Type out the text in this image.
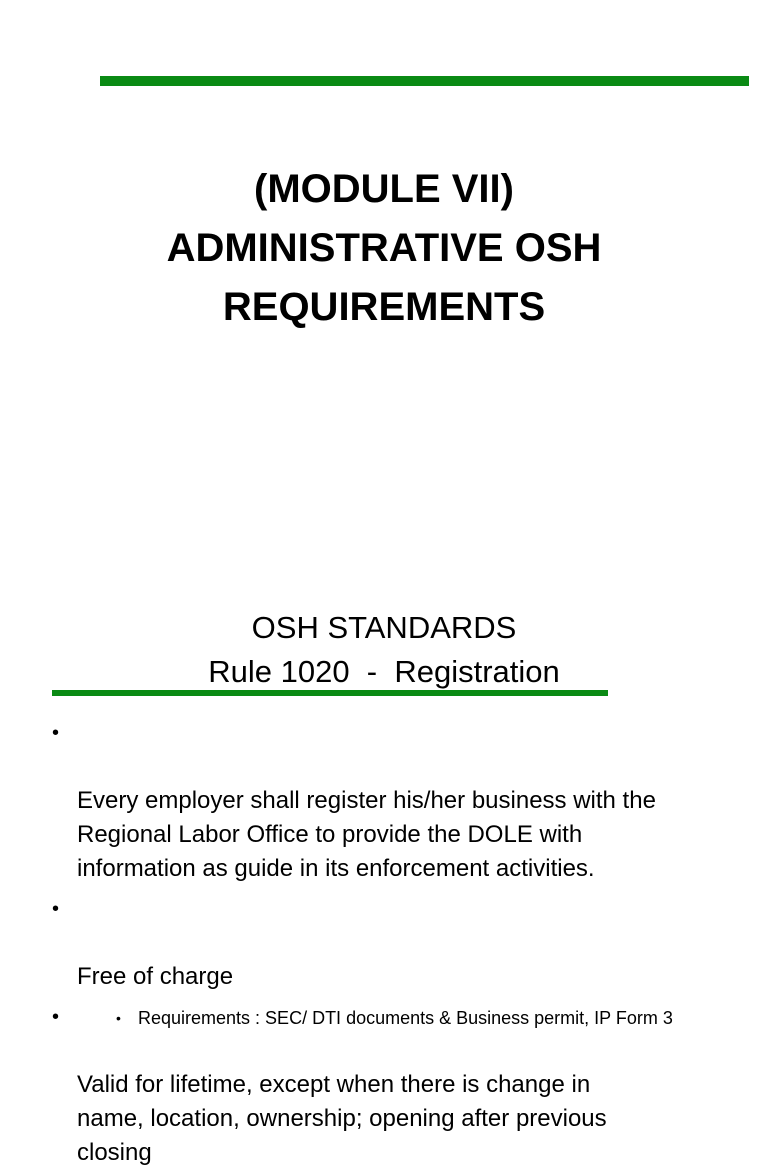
(MODULE VII)
ADMINISTRATIVE OSH
REQUIREMENTS
OSH STANDARDS
Rule 1020  -  Registration

•

Every employer shall register his/her business with the
Regional Labor Office to provide the DOLE with
information as guide in its enforcement activities.

•

Free of charge

•

Valid for lifetime, except when there is change in
name, location, ownership; opening after previous
closing

• Requirements : SEC/ DTI documents & Business permit, IP Form 3
